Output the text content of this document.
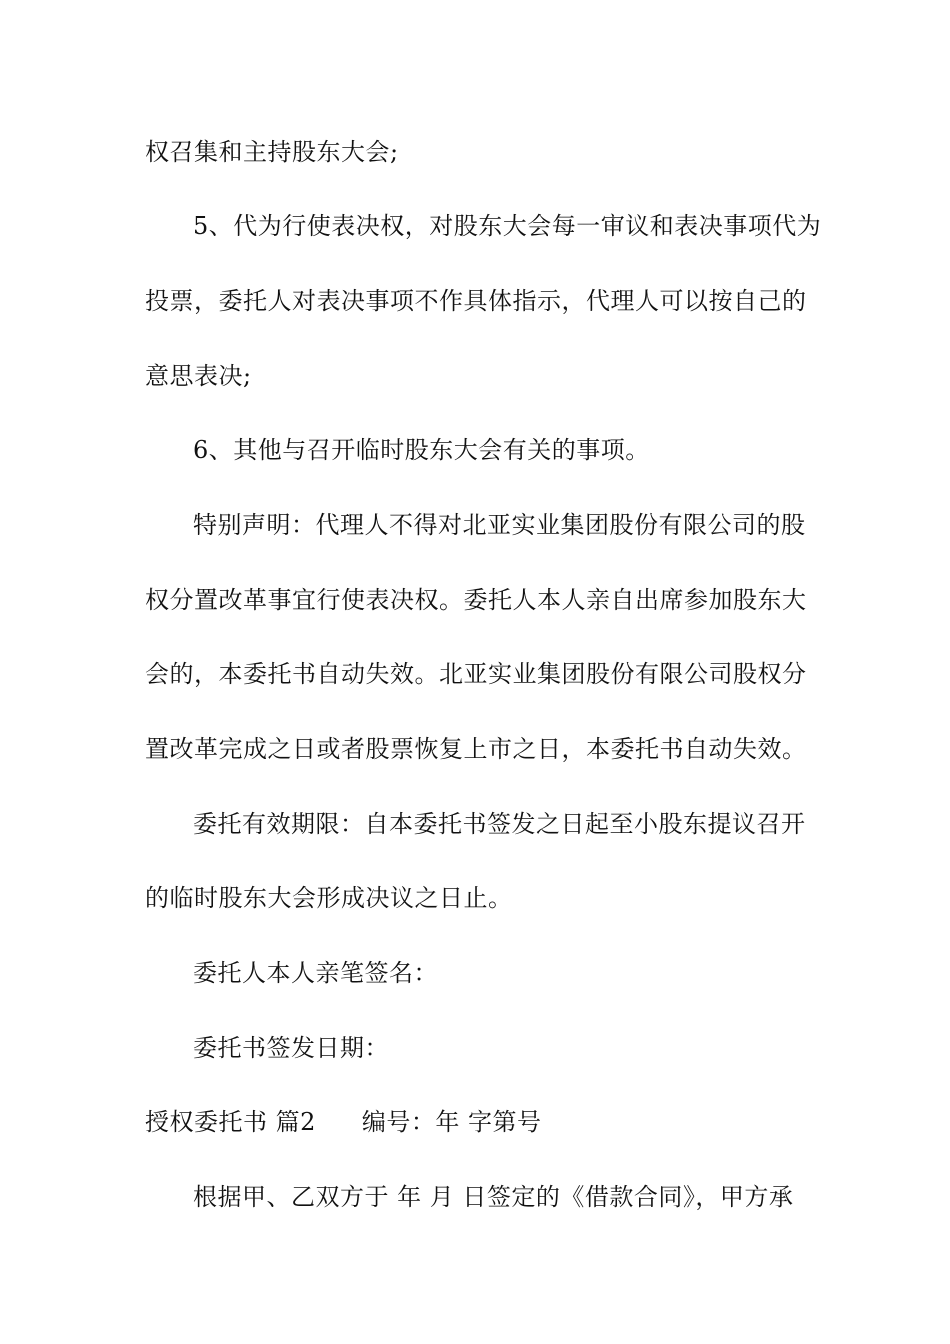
权召集和主持股东大会;
5、代为行使表决权，对股东大会每一审议和表决事项代为
投票，委托人对表决事项不作具体指示，代理人可以按自己的
意思表决;
6、其他与召开临时股东大会有关的事项。
特别声明：代理人不得对北亚实业集团股份有限公司的股
权分置改革事宜行使表决权。委托人本人亲自出席参加股东大
会的，本委托书自动失效。北亚实业集团股份有限公司股权分
置改革完成之日或者股票恢复上市之日，本委托书自动失效。
委托有效期限：自本委托书签发之日起至小股东提议召开
的临时股东大会形成决议之日止。
委托人本人亲笔签名：
委托书签发日期：
授权委托书 篇2 编号：年 字第号
根据甲、乙双方于 年 月 日签定的《借款合同》，甲方承
